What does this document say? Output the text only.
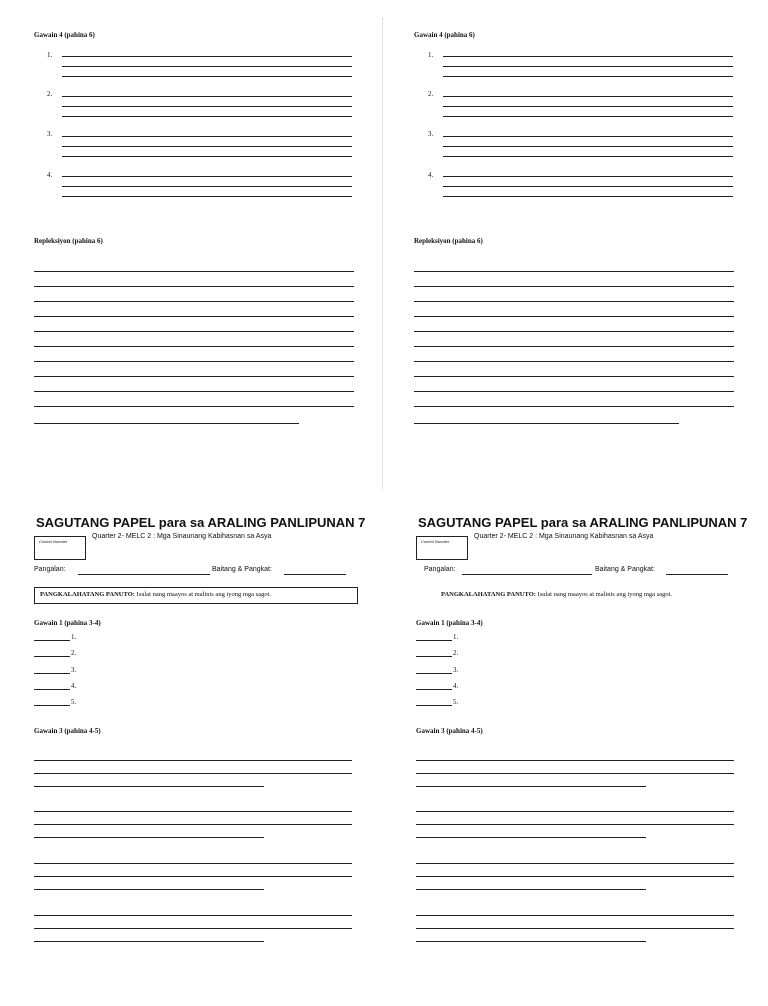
Gawain 4 (pahina 6)
1.
2.
3.
4.
Repleksiyon (pahina 6)
Gawain 4 (pahina 6)
1.
2.
3.
4.
Repleksiyon (pahina 6)
SAGUTANG PAPEL para sa ARALING PANLIPUNAN 7
Control Number
Quarter 2- MELC 2 : Mga Sinaunang Kabihasnan sa Asya
Pangalan:	Baitang & Pangkat:
PANGKALAHATANG PANUTO: Isulat nang maayos at malinis ang iyong mga sagot.
Gawain 1 (pahina 3-4)
1.
2.
3.
4.
5.
Gawain 3 (pahina 4-5)
SAGUTANG PAPEL para sa ARALING PANLIPUNAN 7
Control Number
Quarter 2- MELC 2 : Mga Sinaunang Kabihasnan sa Asya
Pangalan:	Baitang & Pangkat:
PANGKALAHATANG PANUTO: Isulat nang maayos at malinis ang iyong mga sagot.
Gawain 1 (pahina 3-4)
1.
2.
3.
4.
5.
Gawain 3 (pahina 4-5)
